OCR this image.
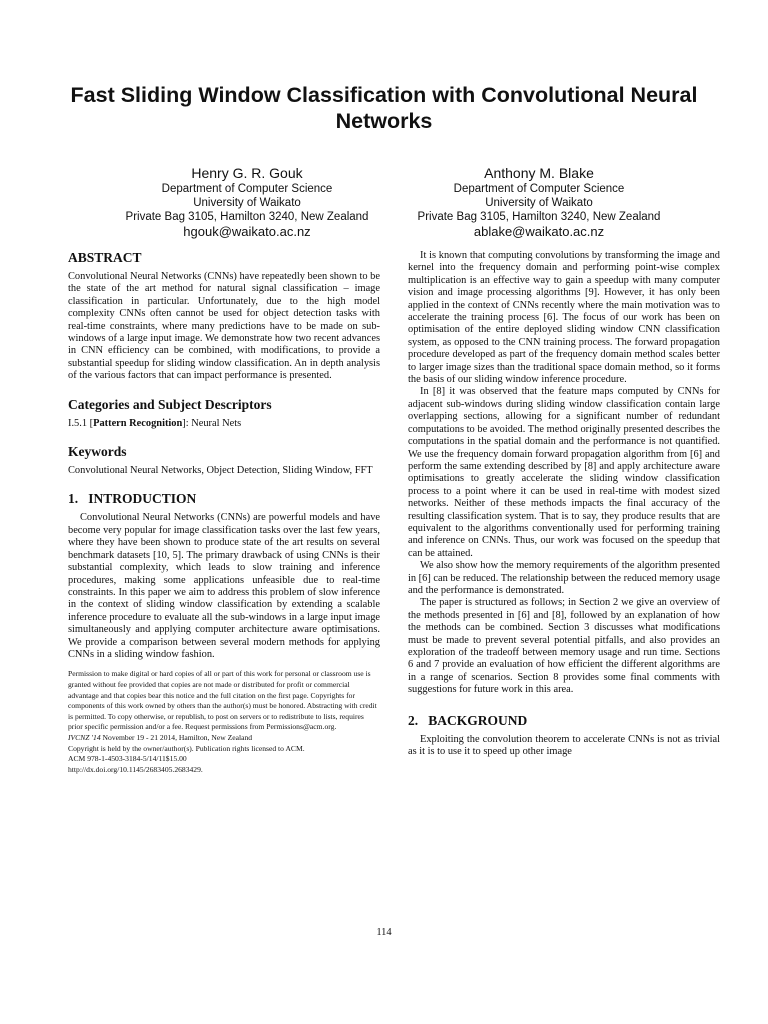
Fast Sliding Window Classification with Convolutional Neural Networks
Henry G. R. Gouk
Department of Computer Science
University of Waikato
Private Bag 3105, Hamilton 3240, New Zealand
hgouk@waikato.ac.nz
Anthony M. Blake
Department of Computer Science
University of Waikato
Private Bag 3105, Hamilton 3240, New Zealand
ablake@waikato.ac.nz
ABSTRACT

Convolutional Neural Networks (CNNs) have repeatedly been shown to be the state of the art method for natural signal classification – image classification in particular. Unfortunately, due to the high model complexity CNNs often cannot be used for object detection tasks with real-time constraints, where many predictions have to be made on sub-windows of a large input image. We demonstrate how two recent advances in CNN efficiency can be combined, with modifications, to provide a substantial speedup for sliding window classification. An in depth analysis of the various factors that can impact performance is presented.

Categories and Subject Descriptors

I.5.1 [Pattern Recognition]: Neural Nets

Keywords

Convolutional Neural Networks, Object Detection, Sliding Window, FFT

1.   INTRODUCTION

Convolutional Neural Networks (CNNs) are powerful models and have become very popular for image classification tasks over the last few years, where they have been shown to produce state of the art results on several benchmark datasets [10, 5]. The primary drawback of using CNNs is their substantial complexity, which leads to slow training and inference procedures, making some applications unfeasible due to real-time constraints. In this paper we aim to address this problem of slow inference in the context of sliding window classification by extending a scalable inference procedure to evaluate all the sub-windows in a large input image simultaneously and applying computer architecture aware optimisations. We provide a comparison between several modern methods for applying CNNs in a sliding window fashion.

Permission to make digital or hard copies of all or part of this work for personal or classroom use is granted without fee provided that copies are not made or distributed for profit or commercial advantage and that copies bear this notice and the full citation on the first page. Copyrights for components of this work owned by others than the author(s) must be honored. Abstracting with credit is permitted. To copy otherwise, or republish, to post on servers or to redistribute to lists, requires prior specific permission and/or a fee. Request permissions from Permissions@acm.org.
IVCNZ '14 November 19 - 21 2014, Hamilton, New Zealand
Copyright is held by the owner/author(s). Publication rights licensed to ACM.
ACM 978-1-4503-3184-5/14/11$15.00
http://dx.doi.org/10.1145/2683405.2683429.

It is known that computing convolutions by transforming the image and kernel into the frequency domain and performing point-wise complex multiplication is an effective way to gain a speedup with many computer vision and image processing algorithms [9]. However, it has only been applied in the context of CNNs recently where the main motivation was to accelerate the training process [6]. The focus of our work has been on optimisation of the entire deployed sliding window CNN classification system, as opposed to the CNN training process. The forward propagation procedure developed as part of the frequency domain method scales better to larger image sizes than the traditional space domain method, so it forms the basis of our sliding window inference procedure.

In [8] it was observed that the feature maps computed by CNNs for adjacent sub-windows during sliding window classification contain large overlapping sections, allowing for a significant number of redundant computations to be avoided. The method originally presented describes the computations in the spatial domain and the performance is not quantified. We use the frequency domain forward propagation algorithm from [6] and perform the same extending described by [8] and apply architecture aware optimisations to greatly accelerate the sliding window classification process to a point where it can be used in real-time with modest sized networks. Neither of these methods impacts the final accuracy of the resulting classification system. That is to say, they produce results that are equivalent to the algorithms conventionally used for performing training and inference on CNNs. Thus, our work was focused on the speedup that can be attained.

We also show how the memory requirements of the algorithm presented in [6] can be reduced. The relationship between the reduced memory usage and the performance is demonstrated.

The paper is structured as follows; in Section 2 we give an overview of the methods presented in [6] and [8], followed by an explanation of how the methods can be combined. Section 3 discusses what modifications must be made to prevent several potential pitfalls, and also provides an exploration of the tradeoff between memory usage and run time. Sections 6 and 7 provide an evaluation of how efficient the different algorithms are in a range of scenarios. Section 8 provides some final comments with suggestions for future work in this area.

2.   BACKGROUND

Exploiting the convolution theorem to accelerate CNNs is not as trivial as it is to use it to speed up other image

114
